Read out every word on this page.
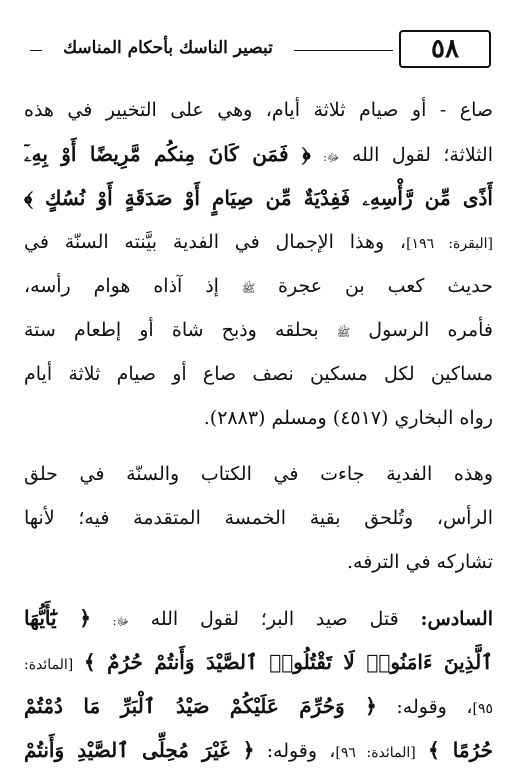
تبصير الناسك بأحكام المناسك	٥٨
صاع - أو صيام ثلاثة أيام، وهي على التخيير في هذه
الثلاثة؛ لقول الله ﷻ: ﴿ فَمَن كَانَ مِنكُم مَّرِيضًا أَوْ بِهِۦٓ
أَذًى مِّن رَّأْسِهِۦ فَفِدْيَةٌ مِّن صِيَامٍ أَوْ صَدَقَةٍ أَوْ نُسُكٍ ﴾
[البقرة: ١٩٦]، وهذا الإجمال في الفدية بيَّنته السنّة في
حديث كعب بن عجرة ﷺ إذ آذاه هوام رأسه،
فأمره الرسول ﷺ بحلقه وذبح شاة أو إطعام ستة
مساكين لكل مسكين نصف صاع أو صيام ثلاثة أيام
رواه البخاري (٤٥١٧) ومسلم (٢٨٨٣).
وهذه الفدية جاءت في الكتاب والسنّة في حلق
الرأس، وتُلحق بقية الخمسة المتقدمة فيه؛ لأنها
تشاركه في الترفه.
السادس: قتل صيد البر؛ لقول الله ﷻ: ﴿ يَٰٓأَيُّهَا
ٱلَّذِينَ ءَامَنُوا۟ لَا تَقْتُلُوا۟ ٱلصَّيْدَ وَأَنتُمْ حُرُمٌ ﴾ [المائدة:
٩٥]، وقوله: ﴿ وَحُرِّمَ عَلَيْكُمْ صَيْدُ ٱلْبَرِّ مَا دُمْتُمْ
حُرُمًا ﴾ [المائدة: ٩٦]، وقوله: ﴿ غَيْرَ مُحِلِّى ٱلصَّيْدِ وَأَنتُمْ
